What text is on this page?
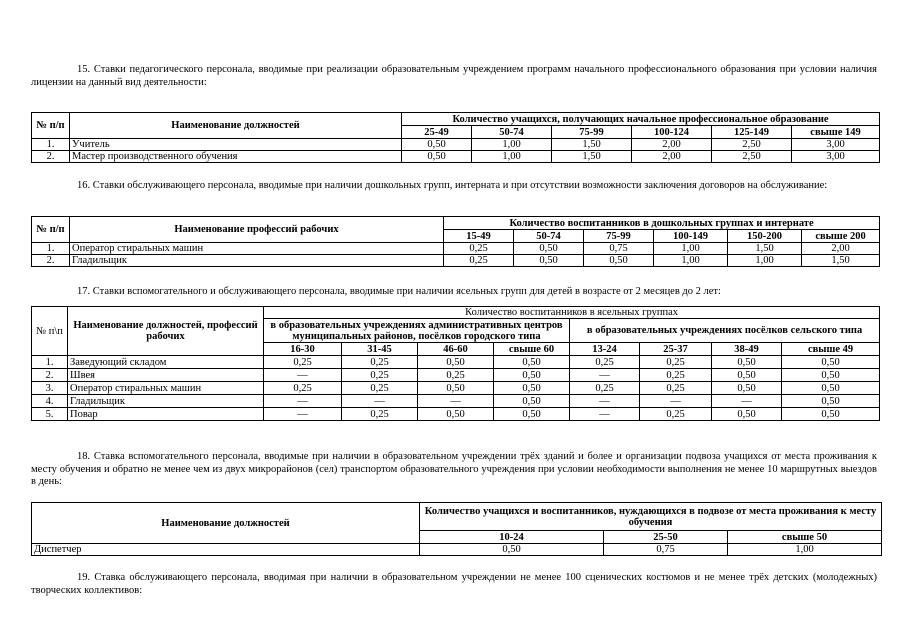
15. Ставки педагогического персонала, вводимые при реализации образовательным учреждением программ начального профессионального образования при условии наличия лицензии на данный вид деятельности:
№ п/п	Наименование должностей	Количество учащихся, получающих начальное профессиональное образование					
		25-49	50-74	75-99	100-124	125-149	свыше 149
1.	Учитель	0,50	1,00	1,50	2,00	2,50	3,00
2.	Мастер производственного обучения	0,50	1,00	1,50	2,00	2,50	3,00
16. Ставки обслуживающего персонала, вводимые при наличии дошкольных групп, интерната и при отсутствии возможности заключения договоров на обслуживание:
№ п/п	Наименование профессий рабочих	Количество воспитанников в дошкольных группах и интернате					
		15-49	50-74	75-99	100-149	150-200	свыше 200
1.	Оператор стиральных машин	0,25	0,50	0,75	1,00	1,50	2,00
2.	Гладильщик	0,25	0,50	0,50	1,00	1,00	1,50
17. Ставки вспомогательного и обслуживающего персонала, вводимые при наличии ясельных групп для детей в возрасте от 2 месяцев до 2 лет:
№ п\п	Наименование должностей, профессий рабочих	Количество воспитанников в ясельных группах							
		в образовательных учреждениях административных центров муниципальных районов, посёлков городского типа				в образовательных учреждениях посёлков сельского типа			
		16-30	31-45	46-60	свыше 60	13-24	25-37	38-49	свыше 49
1.	Заведующий складом	0,25	0,25	0,50	0,50	0,25	0,25	0,50	0,50
2.	Швея	—	0,25	0,25	0,50	—	0,25	0,50	0,50
3.	Оператор стиральных машин	0,25	0,25	0,50	0,50	0,25	0,25	0,50	0,50
4.	Гладильщик	—	—	—	0,50	—	—	—	0,50
5.	Повар	—	0,25	0,50	0,50	—	0,25	0,50	0,50
18. Ставка вспомогательного персонала, вводимые при наличии в образовательном учреждении трёх зданий и более и организации подвоза учащихся от места проживания к месту обучения и обратно не менее чем из двух микрорайонов (сел) транспортом образовательного учреждения при условии необходимости выполнения не менее 10 маршрутных выездов в день:
Наименование должностей	Количество учащихся и воспитанников, нуждающихся в подвозе от места проживания к месту обучения		
	10-24	25-50	свыше 50
Диспетчер	0,50	0,75	1,00
19. Ставка обслуживающего персонала, вводимая при наличии в образовательном учреждении не менее 100 сценических костюмов и не менее трёх детских (молодежных) творческих коллективов:
